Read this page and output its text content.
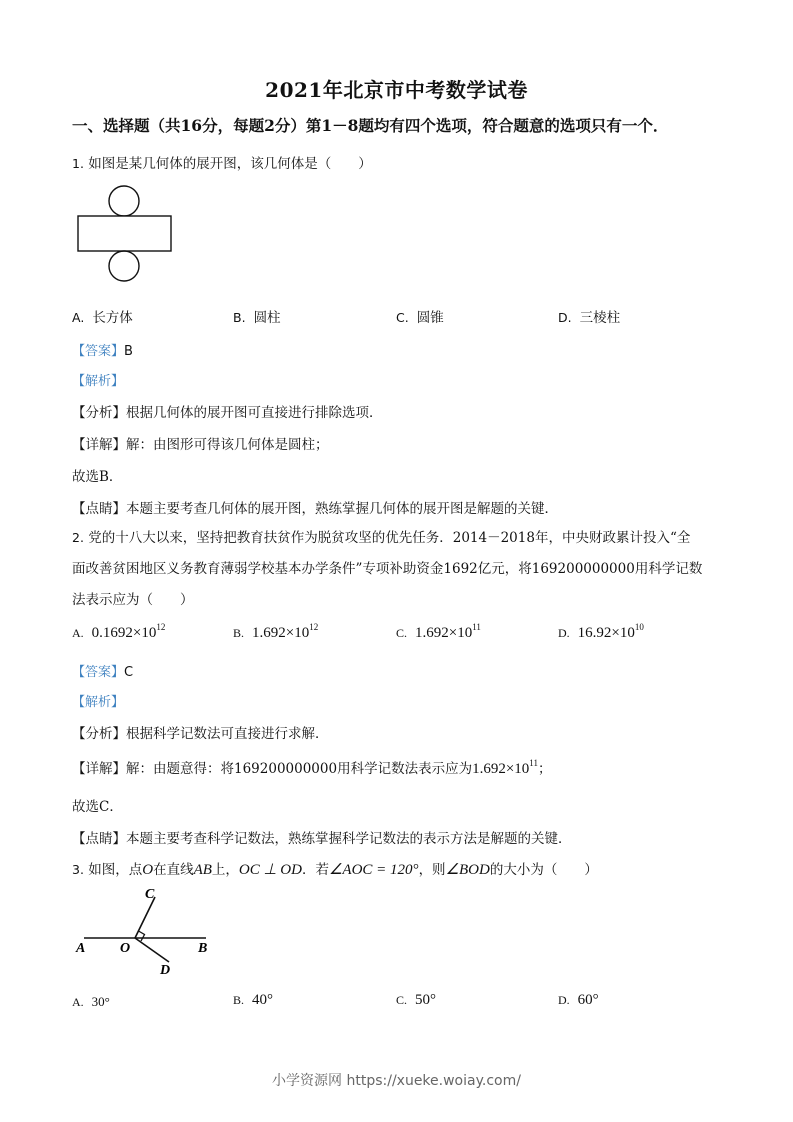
2021年北京市中考数学试卷
一、选择题（共16分，每题2分）第1－8题均有四个选项，符合题意的选项只有一个．
1. 如图是某几何体的展开图，该几何体是（　　）
A. 长方体	B. 圆柱	C. 圆锥	D. 三棱柱
【答案】B
【解析】
【分析】根据几何体的展开图可直接进行排除选项．
【详解】解：由图形可得该几何体是圆柱；
故选B．
【点睛】本题主要考查几何体的展开图，熟练掌握几何体的展开图是解题的关键．
2. 党的十八大以来，坚持把教育扶贫作为脱贫攻坚的优先任务．2014－2018年，中央财政累计投入“全
面改善贫困地区义务教育薄弱学校基本办学条件”专项补助资金1692亿元，将169200000000用科学记数
法表示应为（　　）
A. $0.1692\times 10^{12}$	B. $1.692\times 10^{12}$	C. $1.692\times 10^{11}$	D. $16.92\times 10^{10}$
【答案】C
【解析】
【分析】根据科学记数法可直接进行求解．
【详解】解：由题意得：将169200000000用科学记数法表示应为$1.692\times 10^{11}$；
故选C．
【点睛】本题主要考查科学记数法，熟练掌握科学记数法的表示方法是解题的关键．
3. 如图，点O在直线AB上，OC ⊥ OD．若∠AOC = 120°，则∠BOD的大小为（　　）
C
A O	B
D
A. 30°	B. 40°	C. 50°	D. 60°
小学资源网 https://xueke.woiay.com/
